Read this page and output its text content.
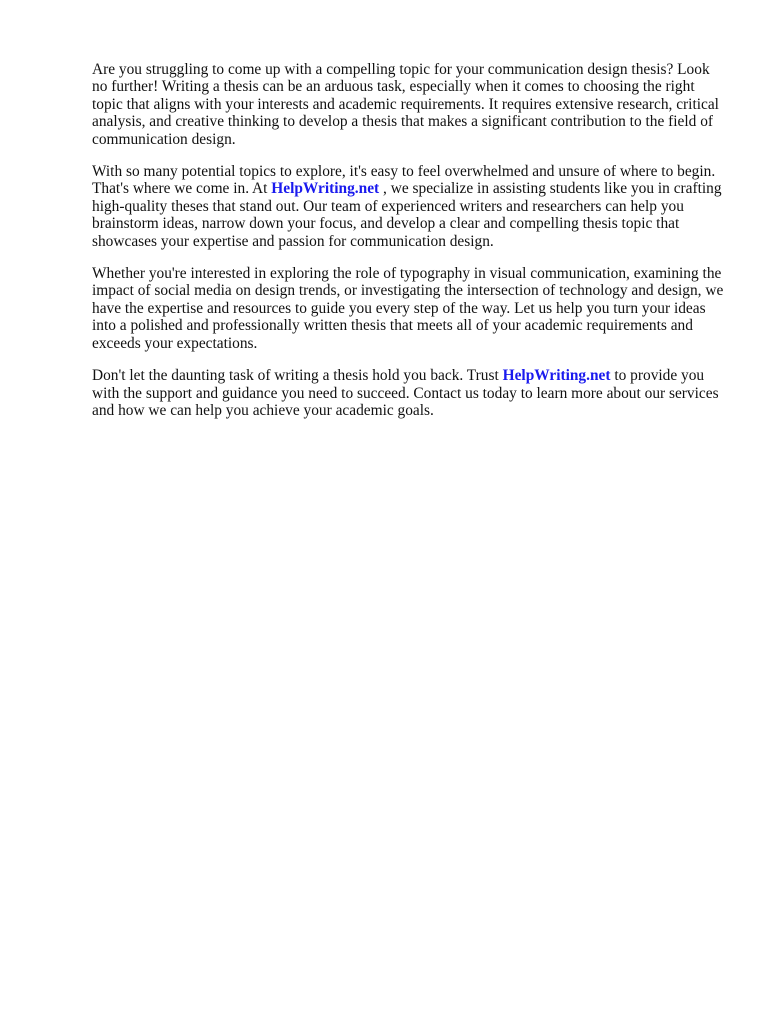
Are you struggling to come up with a compelling topic for your communication design thesis? Look no further! Writing a thesis can be an arduous task, especially when it comes to choosing the right topic that aligns with your interests and academic requirements. It requires extensive research, critical analysis, and creative thinking to develop a thesis that makes a significant contribution to the field of communication design.

With so many potential topics to explore, it's easy to feel overwhelmed and unsure of where to begin. That's where we come in. At HelpWriting.net , we specialize in assisting students like you in crafting high-quality theses that stand out. Our team of experienced writers and researchers can help you brainstorm ideas, narrow down your focus, and develop a clear and compelling thesis topic that showcases your expertise and passion for communication design.

Whether you're interested in exploring the role of typography in visual communication, examining the impact of social media on design trends, or investigating the intersection of technology and design, we have the expertise and resources to guide you every step of the way. Let us help you turn your ideas into a polished and professionally written thesis that meets all of your academic requirements and exceeds your expectations.

Don't let the daunting task of writing a thesis hold you back. Trust HelpWriting.net to provide you with the support and guidance you need to succeed. Contact us today to learn more about our services and how we can help you achieve your academic goals.
